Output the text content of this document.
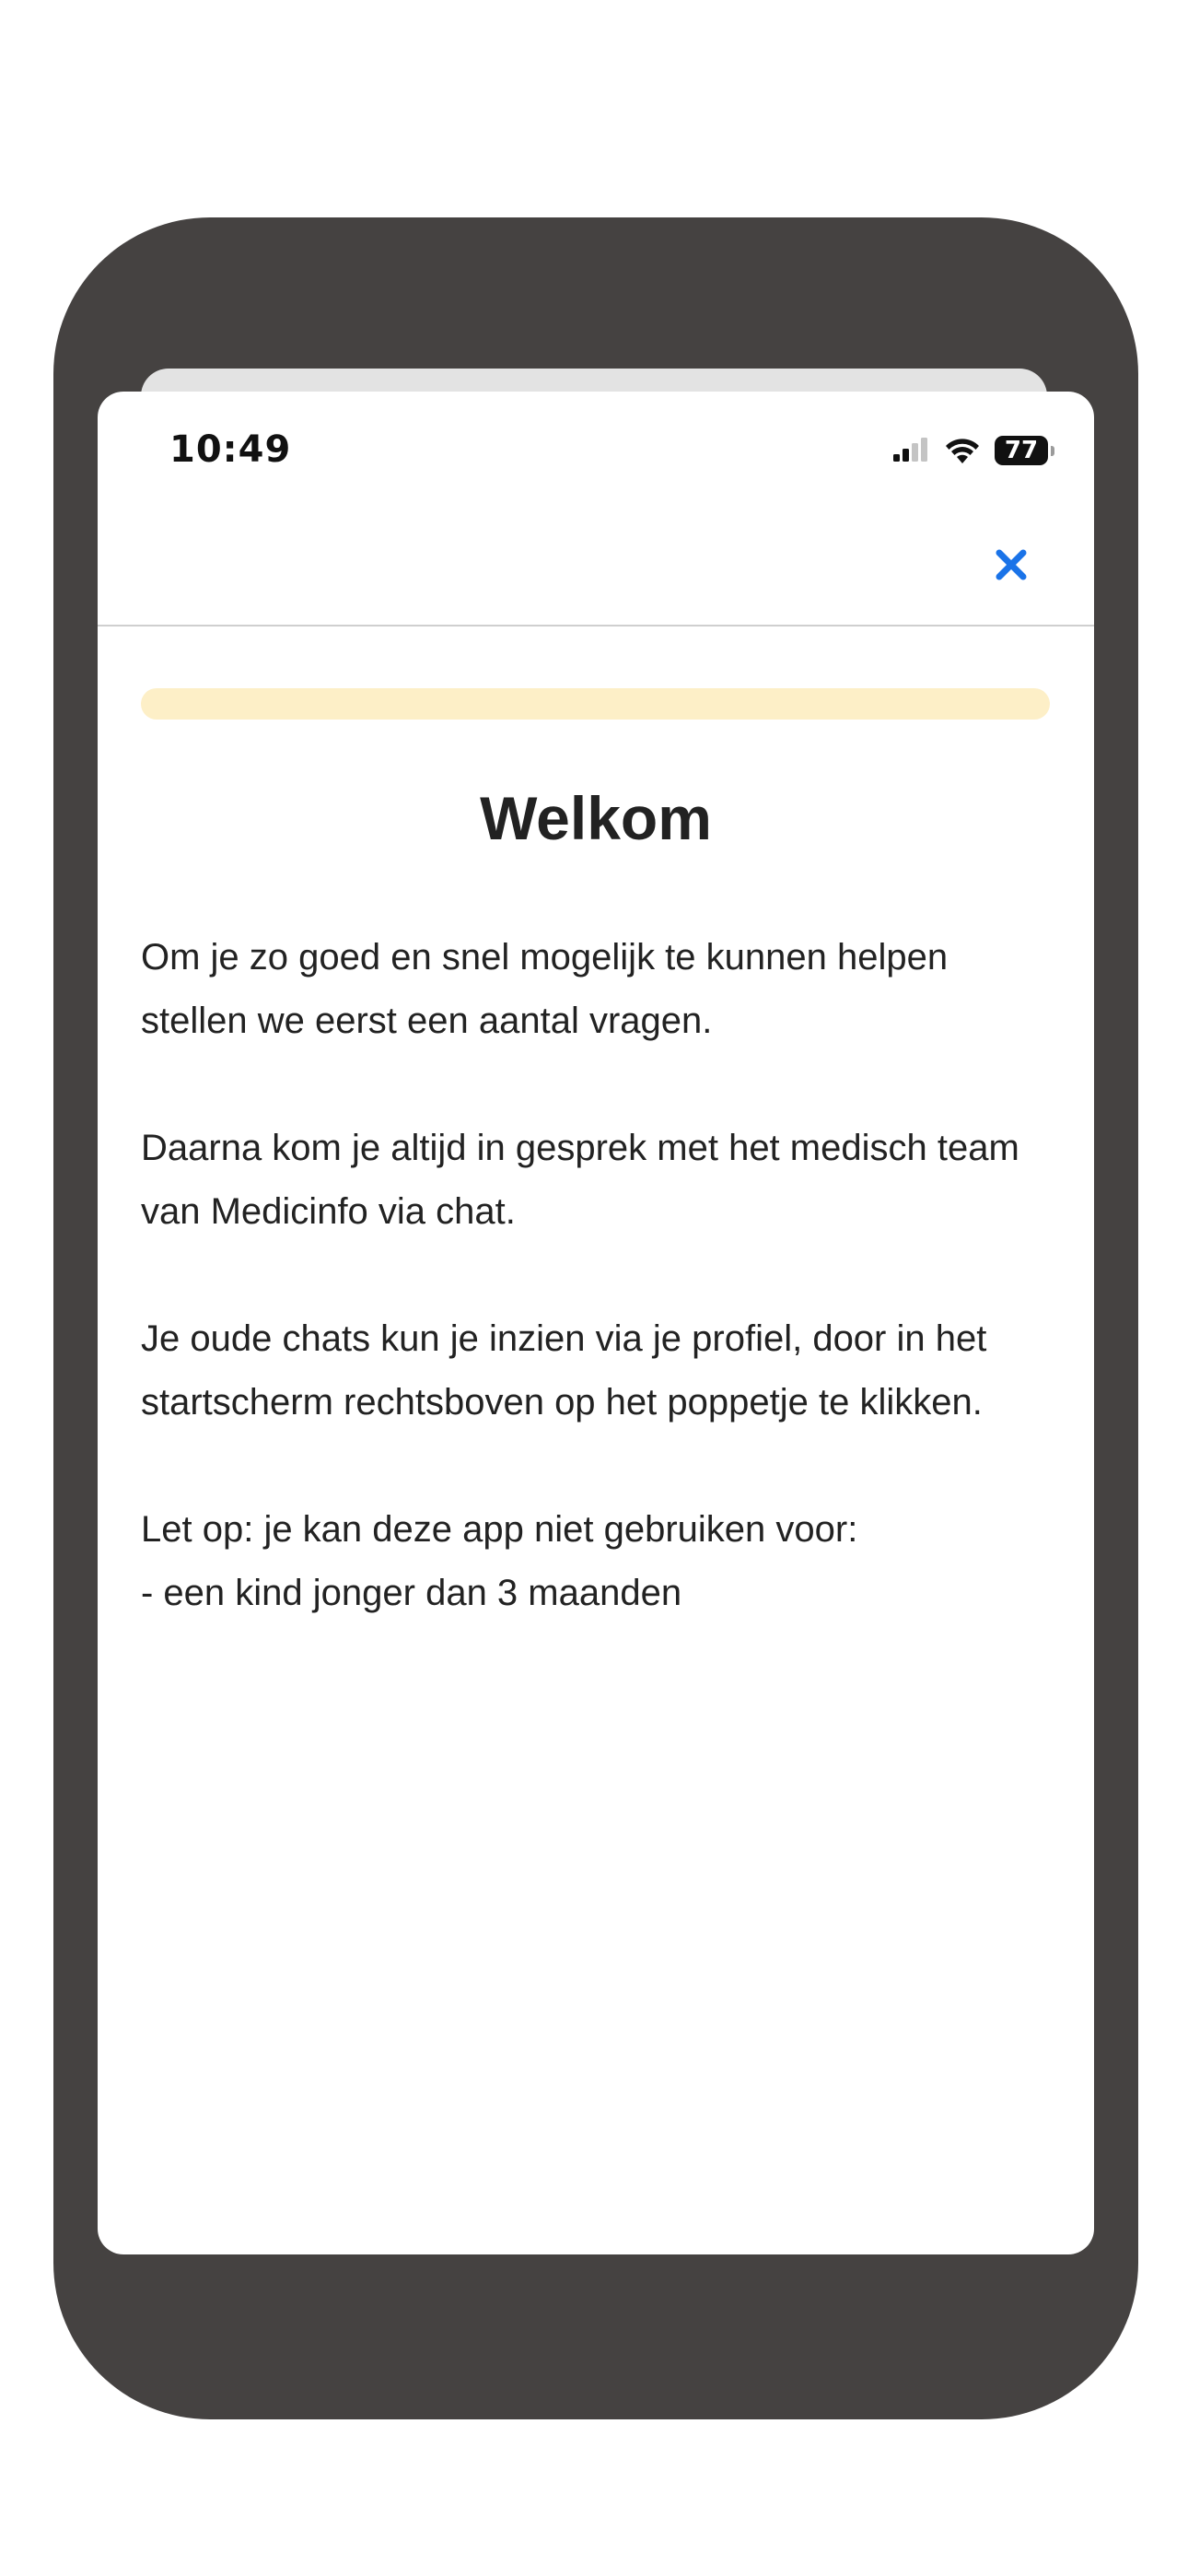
10:49	77
Welkom

Om je zo goed en snel mogelijk te kunnen helpen stellen we eerst een aantal vragen.

Daarna kom je altijd in gesprek met het medisch team van Medicinfo via chat.

Je oude chats kun je inzien via je profiel, door in het startscherm rechtsboven op het poppetje te klikken.

Let op: je kan deze app niet gebruiken voor:
- een kind jonger dan 3 maanden
